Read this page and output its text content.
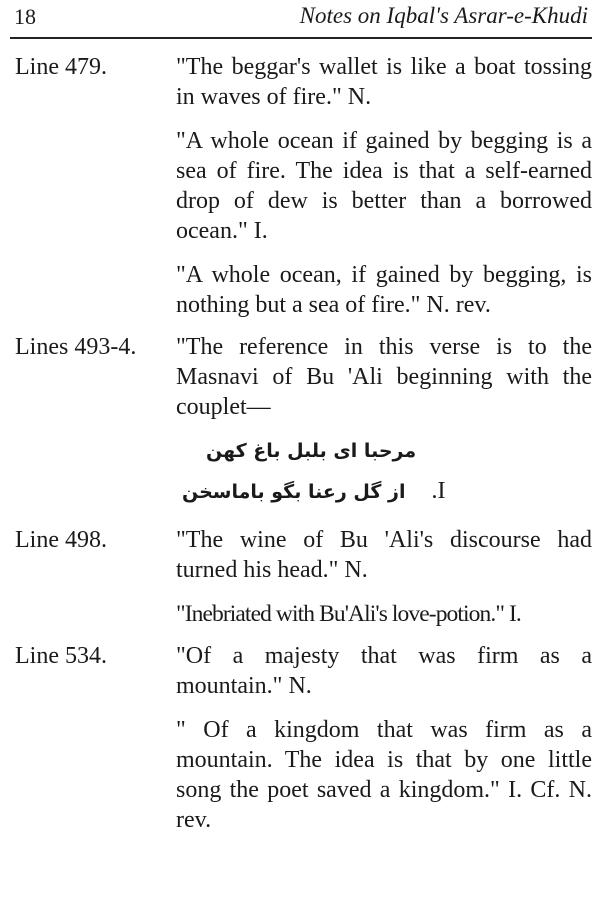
18	Notes on Iqbal's Asrar-e-Khudi
Line 479.	"The beggar's wallet is like a boat tossing in waves of fire." N.

"A whole ocean if gained by begging is a sea of fire. The idea is that a self-earned drop of dew is better than a borrowed ocean." I.

"A whole ocean, if gained by begging, is nothing but a sea of fire." N. rev.

Lines 493-4.	"The reference in this verse is to the Masnavi of Bu 'Ali beginning with the couplet—

مرحبا ای بلبل باغ کهن
از گل رعنا بگو باماسخن .I
Line 498.	"The wine of Bu 'Ali's discourse had turned his head." N.

"Inebriated with Bu'Ali's love-potion." I.

Line 534.	"Of a majesty that was firm as a mountain." N.

" Of a kingdom that was firm as a mountain. The idea is that by one little song the poet saved a kingdom." I. Cf. N. rev.
